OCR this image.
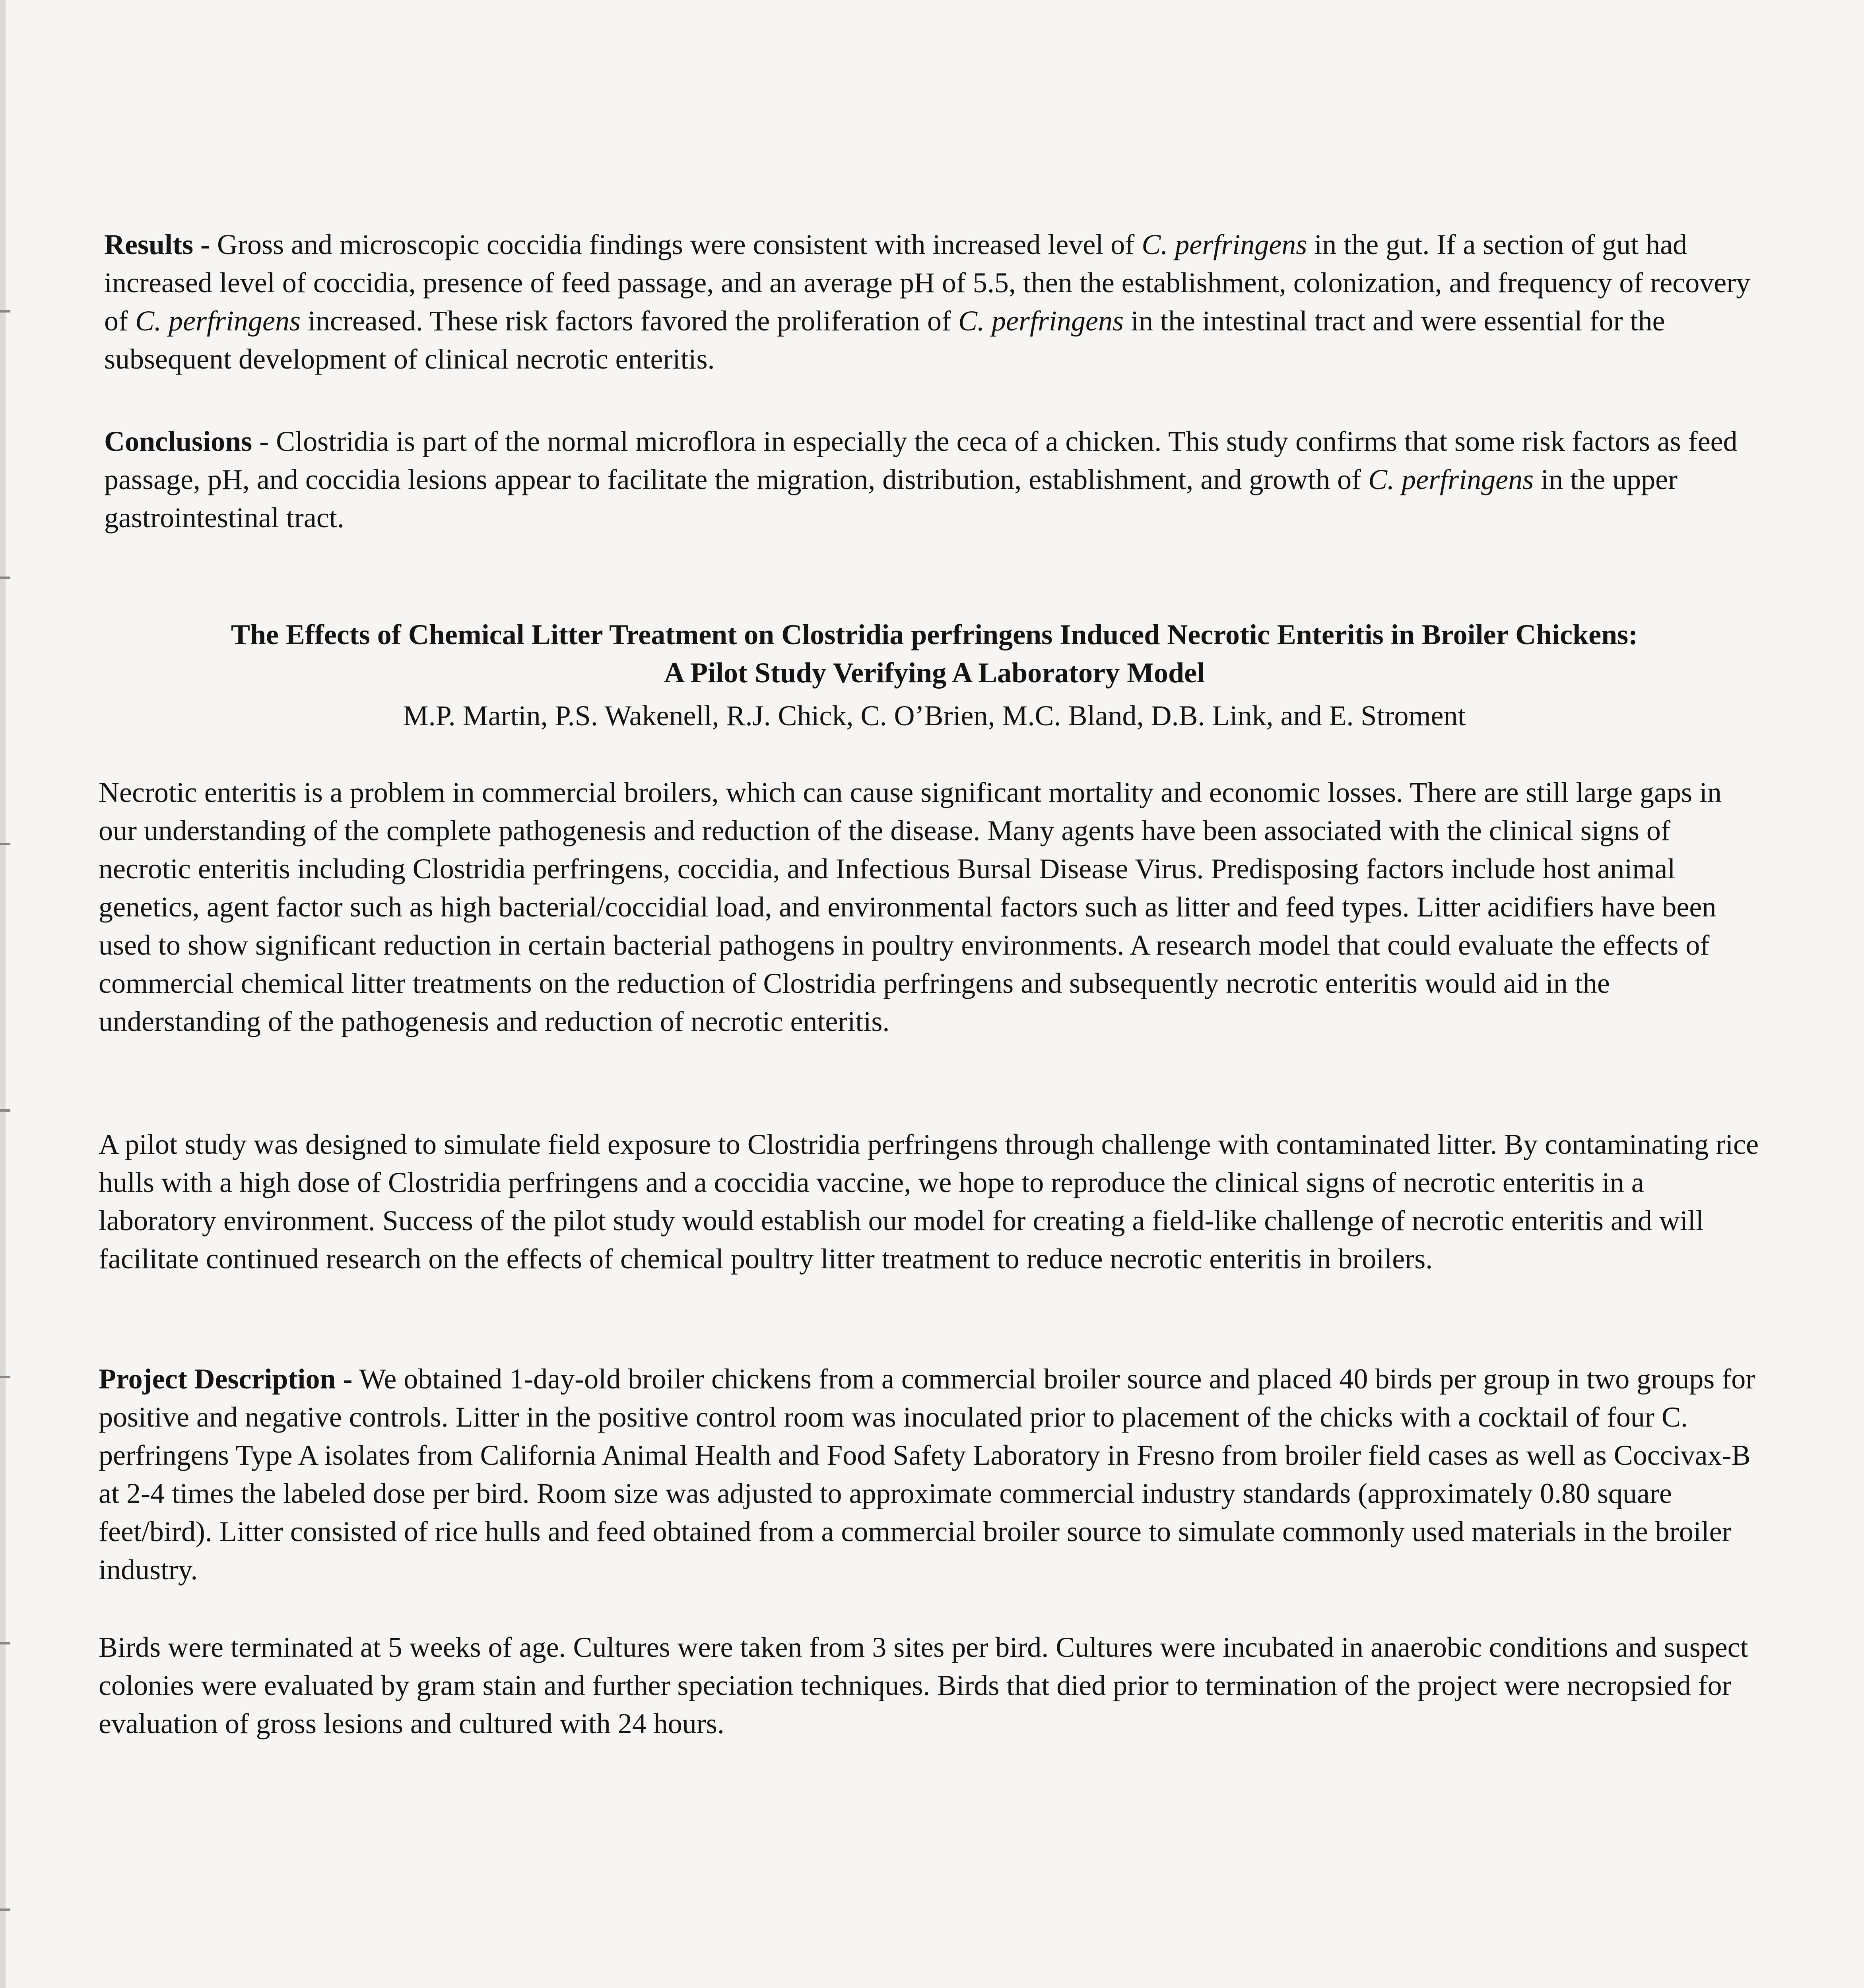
Results - Gross and microscopic coccidia findings were consistent with increased level of C. perfringens in the gut. If a section of gut had increased level of coccidia, presence of feed passage, and an average pH of 5.5, then the establishment, colonization, and frequency of recovery of C. perfringens increased. These risk factors favored the proliferation of C. perfringens in the intestinal tract and were essential for the subsequent development of clinical necrotic enteritis.

Conclusions - Clostridia is part of the normal microflora in especially the ceca of a chicken. This study confirms that some risk factors as feed passage, pH, and coccidia lesions appear to facilitate the migration, distribution, establishment, and growth of C. perfringens in the upper gastrointestinal tract.

The Effects of Chemical Litter Treatment on Clostridia perfringens Induced Necrotic Enteritis in Broiler Chickens:
A Pilot Study Verifying A Laboratory Model

M.P. Martin, P.S. Wakenell, R.J. Chick, C. O’Brien, M.C. Bland, D.B. Link, and E. Stroment

Necrotic enteritis is a problem in commercial broilers, which can cause significant mortality and economic losses. There are still large gaps in our understanding of the complete pathogenesis and reduction of the disease. Many agents have been associated with the clinical signs of necrotic enteritis including Clostridia perfringens, coccidia, and Infectious Bursal Disease Virus. Predisposing factors include host animal genetics, agent factor such as high bacterial/coccidial load, and environmental factors such as litter and feed types. Litter acidifiers have been used to show significant reduction in certain bacterial pathogens in poultry environments. A research model that could evaluate the effects of commercial chemical litter treatments on the reduction of Clostridia perfringens and subsequently necrotic enteritis would aid in the understanding of the pathogenesis and reduction of necrotic enteritis.

A pilot study was designed to simulate field exposure to Clostridia perfringens through challenge with contaminated litter. By contaminating rice hulls with a high dose of Clostridia perfringens and a coccidia vaccine, we hope to reproduce the clinical signs of necrotic enteritis in a laboratory environment. Success of the pilot study would establish our model for creating a field-like challenge of necrotic enteritis and will facilitate continued research on the effects of chemical poultry litter treatment to reduce necrotic enteritis in broilers.

Project Description - We obtained 1-day-old broiler chickens from a commercial broiler source and placed 40 birds per group in two groups for positive and negative controls. Litter in the positive control room was inoculated prior to placement of the chicks with a cocktail of four C. perfringens Type A isolates from California Animal Health and Food Safety Laboratory in Fresno from broiler field cases as well as Coccivax-B at 2-4 times the labeled dose per bird. Room size was adjusted to approximate commercial industry standards (approximately 0.80 square feet/bird). Litter consisted of rice hulls and feed obtained from a commercial broiler source to simulate commonly used materials in the broiler industry.

Birds were terminated at 5 weeks of age. Cultures were taken from 3 sites per bird. Cultures were incubated in anaerobic conditions and suspect colonies were evaluated by gram stain and further speciation techniques. Birds that died prior to termination of the project were necropsied for evaluation of gross lesions and cultured with 24 hours.
